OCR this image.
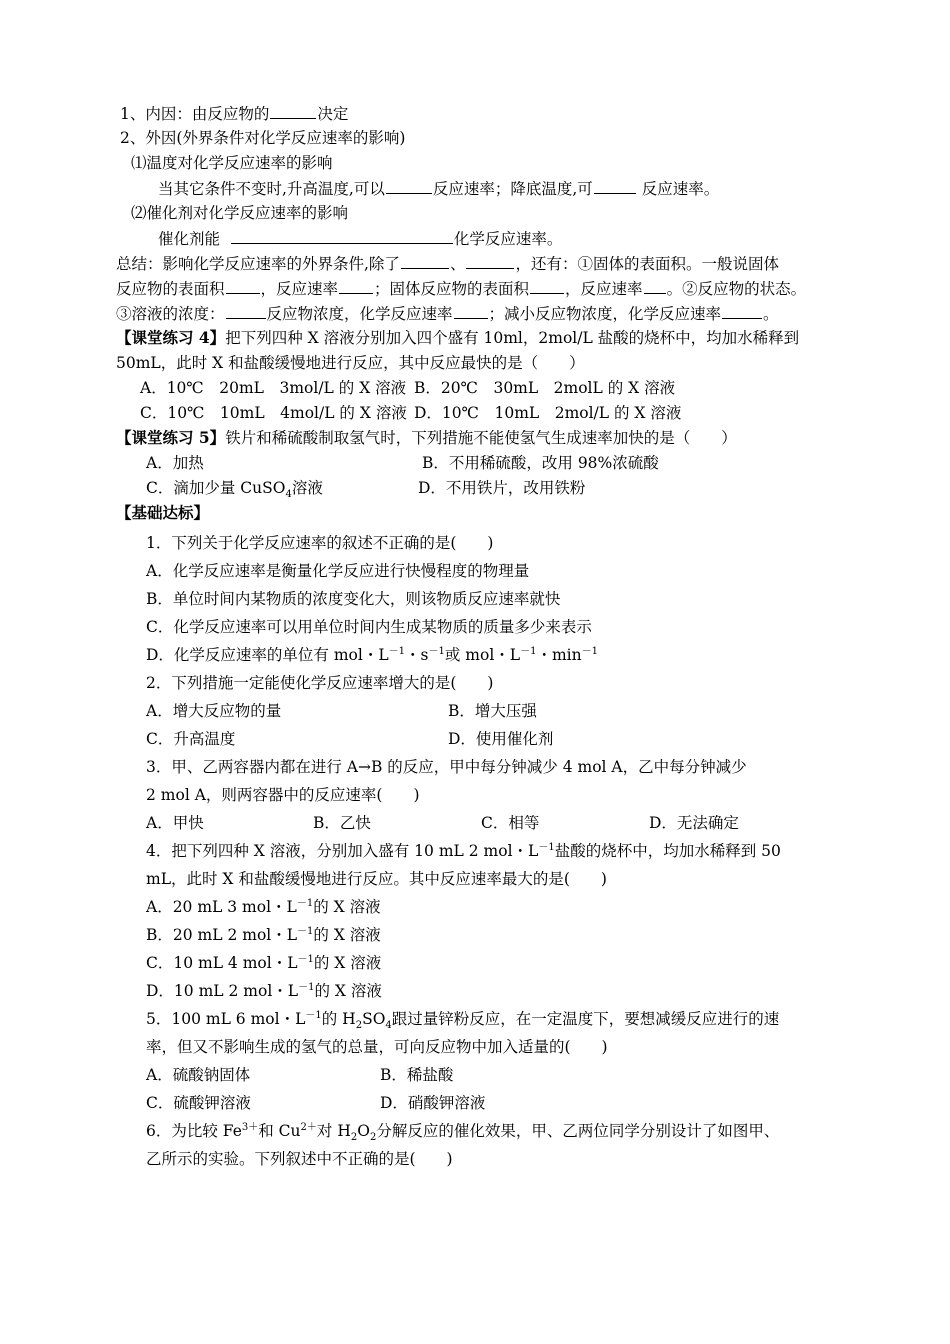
1、内因：由反应物的	决定
2、外因(外界条件对化学反应速率的影响)
⑴温度对化学反应速率的影响
当其它条件不变时,升高温度,可以	反应速率；降底温度,可	反应速率。
⑵催化剂对化学反应速率的影响
催化剂能	化学反应速率。
总结：影响化学反应速率的外界条件,除了	、	，还有：①固体的表面积。一般说固体
反应物的表面积 ，反应速率 ；固体反应物的表面积 ，反应速率 。②反应物的状态。
③溶液的浓度：	反应物浓度，化学反应速率 ；减小反应物浓度，化学反应速率	。
【课堂练习 4】把下列四种 X 溶液分别加入四个盛有 10ml，2mol/L 盐酸的烧杯中，均加水稀释到
50mL，此时 X 和盐酸缓慢地进行反应，其中反应最快的是（　　）
A．10℃　20mL　3mol/L 的 X 溶液 B．20℃　30mL　2molL 的 X 溶液
C．10℃　10mL　4mol/L 的 X 溶液 D．10℃　10mL　2mol/L 的 X 溶液
【课堂练习 5】铁片和稀硫酸制取氢气时，下列措施不能使氢气生成速率加快的是（　　）
A．加热	B．不用稀硫酸，改用 98%浓硫酸
C．滴加少量 CuSO$_4$溶液	D．不用铁片，改用铁粉
【基础达标】
1．下列关于化学反应速率的叙述不正确的是(　　)
A．化学反应速率是衡量化学反应进行快慢程度的物理量
B．单位时间内某物质的浓度变化大，则该物质反应速率就快
C．化学反应速率可以用单位时间内生成某物质的质量多少来表示
D．化学反应速率的单位有 mol・$L^{-1}$・$s^{-1}$或 mol・$L^{-1}$・$\min^{-1}$
2．下列措施一定能使化学反应速率增大的是(　　)
A．增大反应物的量	B．增大压强
C．升高温度	D．使用催化剂
3．甲、乙两容器内都在进行 A→B 的反应，甲中每分钟减少 4 mol A，乙中每分钟减少
2 mol A，则两容器中的反应速率(　　)
A．甲快	B．乙快	C．相等	D．无法确定
4．把下列四种 X 溶液，分别加入盛有 10 mL 2 mol・$L^{-1}$盐酸的烧杯中，均加水稀释到 50
mL，此时 X 和盐酸缓慢地进行反应。其中反应速率最大的是(　　)
A．20 mL 3 mol・$L^{-1}$的 X 溶液
B．20 mL 2 mol・$L^{-1}$的 X 溶液
C．10 mL 4 mol・$L^{-1}$的 X 溶液
D．10 mL 2 mol・$L^{-1}$的 X 溶液
5．100 mL 6 mol・$L^{-1}$的 $H_2SO_4$跟过量锌粉反应，在一定温度下，要想减缓反应进行的速
率，但又不影响生成的氢气的总量，可向反应物中加入适量的(　　)
A．硫酸钠固体	B．稀盐酸
C．硫酸钾溶液	D．硝酸钾溶液
6．为比较 $Fe^{3+}$和 $Cu^{2+}$对 $H_2O_2$分解反应的催化效果，甲、乙两位同学分别设计了如图甲、
乙所示的实验。下列叙述中不正确的是(　　)
